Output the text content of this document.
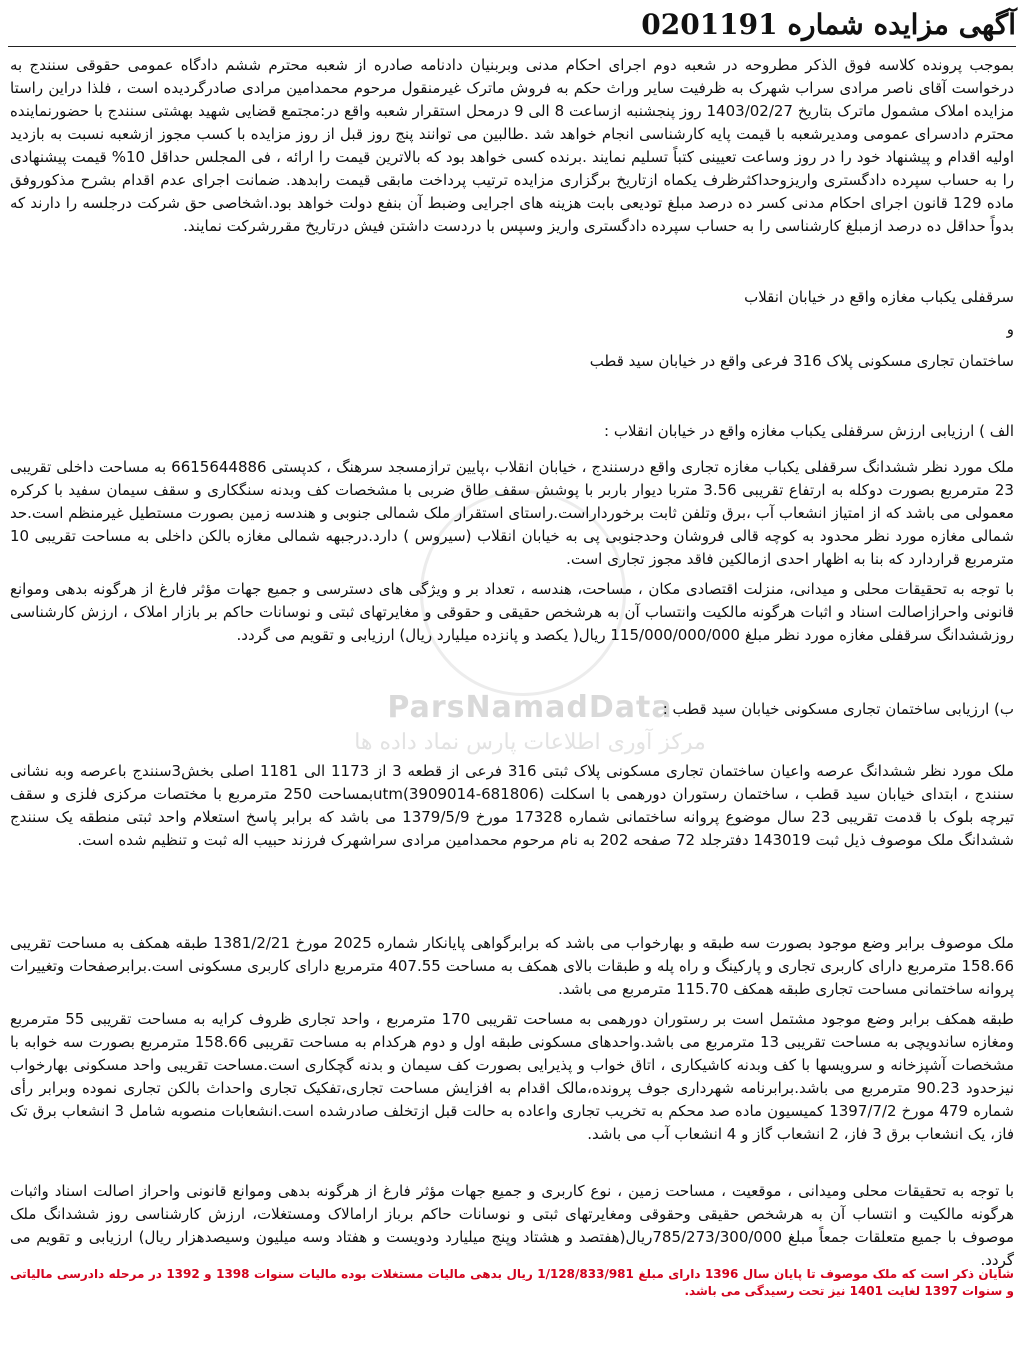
ParsNamadData
مرکز آوری اطلاعات پارس نماد داده ها
آگهی مزایده شماره 0201191
بموجب پرونده کلاسه فوق الذکر مطروحه در شعبه دوم اجرای احکام مدنی وبربنیان دادنامه صادره از شعبه محترم ششم دادگاه عمومی حقوقی سنندج به درخواست آقای ناصر مرادی سراب شهرک به ظرفیت سایر وراث حکم به فروش ماترک غیرمنقول مرحوم محمدامین مرادی صادرگردیده است ، فلذا دراین راستا مزایده املاک مشمول ماترک بتاریخ 1403/02/27 روز پنجشنبه ازساعت 8 الی 9 درمحل استقرار شعبه واقع در:مجتمع قضایی شهید بهشتی سنندج با حضورنماینده محترم دادسرای عمومی ومدیرشعبه با قیمت پایه کارشناسی انجام خواهد شد .طالبین می توانند پنج روز قبل از روز مزایده با کسب مجوز ازشعبه نسبت به بازدید اولیه اقدام و پیشنهاد خود را در روز وساعت تعیینی کتباً تسلیم نمایند .برنده کسی خواهد بود که بالاترین قیمت را ارائه ، فی المجلس حداقل 10% قیمت پیشنهادی را به حساب سپرده دادگستری واریزوحداکثرظرف یکماه ازتاریخ برگزاری مزایده ترتیب پرداخت مابقی قیمت رابدهد. ضمانت اجرای عدم اقدام بشرح مذکوروفق ماده 129 قانون اجرای احکام مدنی کسر ده درصد مبلغ تودیعی بابت هزینه های اجرایی وضبط آن بنفع دولت خواهد بود.اشخاصی حق شرکت درجلسه را دارند که بدواً حداقل ده درصد ازمبلغ کارشناسی را به حساب سپرده دادگستری واریز وسپس با دردست داشتن فیش درتاریخ مقررشرکت نمایند.
سرقفلی یکباب مغازه واقع در خیابان انقلاب
و
ساختمان تجاری مسکونی پلاک 316 فرعی واقع در خیابان سید قطب
الف ) ارزیابی ارزش سرقفلی یکباب مغازه واقع در خیابان انقلاب :
ملک مورد نظر ششدانگ سرقفلی یکباب مغازه تجاری واقع درسنندج ، خیابان انقلاب ،پایین ترازمسجد سرهنگ ، کدپستی 6615644886 به مساحت داخلی تقریبی 23 مترمربع بصورت دوکله به ارتفاع تقریبی 3.56 متربا دیوار باربر با پوشش سقف طاق ضربی با مشخصات کف وبدنه سنگکاری و سقف سیمان سفید با کرکره معمولی می باشد که از امتیاز انشعاب آب ،برق وتلفن ثابت برخورداراست.راستای استقرار ملک شمالی جنوبی و هندسه زمین بصورت مستطیل غیرمنظم است.حد شمالی مغازه مورد نظر محدود به کوچه قالی فروشان وحدجنوبی پی به خیابان انقلاب (سیروس ) دارد.درجبهه شمالی مغازه بالکن داخلی به مساحت تقریبی 10 مترمربع قراردارد که بنا به اظهار احدی ازمالکین فاقد مجوز تجاری است.
با توجه به تحقیقات محلی و میدانی، منزلت اقتصادی مکان ، مساحت، هندسه ، تعداد بر و ویژگی های دسترسی و جمیع جهات مؤثر فارغ از هرگونه بدهی وموانع قانونی واحرازاصالت اسناد و اثبات هرگونه مالکیت وانتساب آن به هرشخص حقیقی و حقوقی و مغایرتهای ثبتی و نوسانات حاکم بر بازار املاک ، ارزش کارشناسی روزششدانگ سرقفلی مغازه مورد نظر مبلغ 115/000/000/000 ریال( یکصد و پانزده میلیارد ریال) ارزیابی و تقویم می گردد.
ب) ارزیابی ساختمان تجاری مسکونی خیابان سید قطب :
ملک مورد نظر ششدانگ عرصه واعیان ساختمان تجاری مسکونی پلاک ثبتی 316 فرعی از قطعه 3 از 1173 الی 1181 اصلی بخش3سنندج باعرصه وبه نشانی سنندج ، ابتدای خیابان سید قطب ، ساختمان رستوران دورهمی با اسکلت (681806-3909014)utmبمساحت 250 مترمربع با مختصات مرکزی فلزی و سقف تیرچه بلوک با قدمت تقریبی 23 سال موضوع پروانه ساختمانی شماره 17328 مورخ 1379/5/9 می باشد که برابر پاسخ استعلام واحد ثبتی منطقه یک سنندج ششدانگ ملک موصوف ذیل ثبت 143019 دفترجلد 72 صفحه 202 به نام مرحوم محمدامین مرادی سراشهرک فرزند حبیب اله ثبت و تنظیم شده است.
ملک موصوف برابر وضع موجود بصورت سه طبقه و بهارخواب می باشد که برابرگواهی پایانکار شماره 2025 مورخ 1381/2/21 طبقه همکف به مساحت تقریبی 158.66 مترمربع دارای کاربری تجاری و پارکینگ و راه پله و طبقات بالای همکف به مساحت 407.55 مترمربع دارای کاربری مسکونی است.برابرصفحات وتغییرات پروانه ساختمانی مساحت تجاری طبقه همکف 115.70 مترمربع می باشد.
طبقه همکف برابر وضع موجود مشتمل است بر رستوران دورهمی به مساحت تقریبی 170 مترمربع ، واحد تجاری ظروف کرایه به مساحت تقریبی 55 مترمربع ومغازه ساندویچی به مساحت تقریبی 13 مترمربع می باشد.واحدهای مسکونی طبقه اول و دوم هرکدام به مساحت تقریبی 158.66 مترمربع بصورت سه خوابه با مشخصات آشپزخانه و سرویسها با کف وبدنه کاشیکاری ، اتاق خواب و پذیرایی بصورت کف سیمان و بدنه گچکاری است.مساحت تقریبی واحد مسکونی بهارخواب نیزحدود 90.23 مترمربع می باشد.برابرنامه شهرداری جوف پرونده،مالک اقدام به افزایش مساحت تجاری،تفکیک تجاری واحداث بالکن تجاری نموده وبرابر رأی شماره 479 مورخ 1397/7/2 کمیسیون ماده صد محکم به تخریب تجاری واعاده به حالت قبل ازتخلف صادرشده است.انشعابات منصوبه شامل 3 انشعاب برق تک فاز، یک انشعاب برق 3 فاز، 2 انشعاب گاز و 4 انشعاب آب می باشد.
با توجه به تحقیقات محلی ومیدانی ، موقعیت ، مساحت زمین ، نوع کاربری و جمیع جهات مؤثر فارغ از هرگونه بدهی وموانع قانونی واحراز اصالت اسناد واثبات هرگونه مالکیت و انتساب آن به هرشخص حقیقی وحقوقی ومغایرتهای ثبتی و نوسانات حاکم برباز ارامالاک ومستغلات، ارزش کارشناسی روز ششدانگ ملک موصوف با جمیع متعلقات جمعاً مبلغ 785/273/300/000ریال(هفتصد و هشتاد وپنج میلیارد ودویست و هفتاد وسه میلیون وسیصدهزار ریال) ارزیابی و تقویم می گردد.
شایان ذکر است که ملک موصوف تا پایان سال 1396 دارای مبلغ 1/128/833/981 ریال بدهی مالیات مستغلات بوده مالیات سنوات 1398 و 1392 در مرحله دادرسی مالیاتی و سنوات 1397 لغایت 1401 نیز تحت رسیدگی می باشد.
